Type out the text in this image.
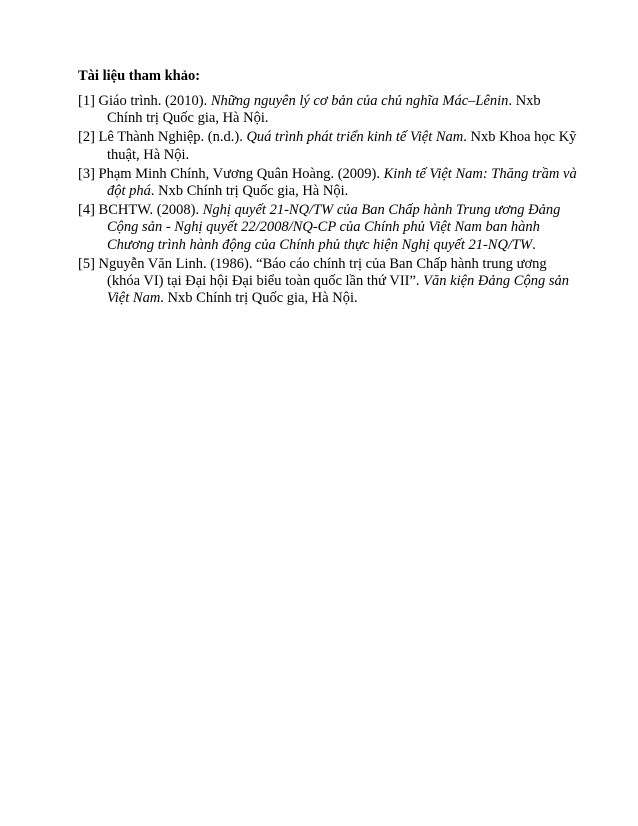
Tài liệu tham khảo:
[1] Giáo trình. (2010). Những nguyên lý cơ bản của chủ nghĩa Mác–Lênin. Nxb Chính trị Quốc gia, Hà Nội.
[2] Lê Thành Nghiệp. (n.d.). Quá trình phát triển kinh tế Việt Nam. Nxb Khoa học Kỹ thuật, Hà Nội.
[3] Phạm Minh Chính, Vương Quân Hoàng. (2009). Kinh tế Việt Nam: Thăng trầm và đột phá. Nxb Chính trị Quốc gia, Hà Nội.
[4] BCHTW. (2008). Nghị quyết 21-NQ/TW của Ban Chấp hành Trung ương Đảng Cộng sản - Nghị quyết 22/2008/NQ-CP của Chính phủ Việt Nam ban hành Chương trình hành động của Chính phủ thực hiện Nghị quyết 21-NQ/TW.
[5] Nguyễn Văn Linh. (1986). “Báo cáo chính trị của Ban Chấp hành trung ương (khóa VI) tại Đại hội Đại biểu toàn quốc lần thứ VII”. Văn kiện Đảng Cộng sản Việt Nam. Nxb Chính trị Quốc gia, Hà Nội.
